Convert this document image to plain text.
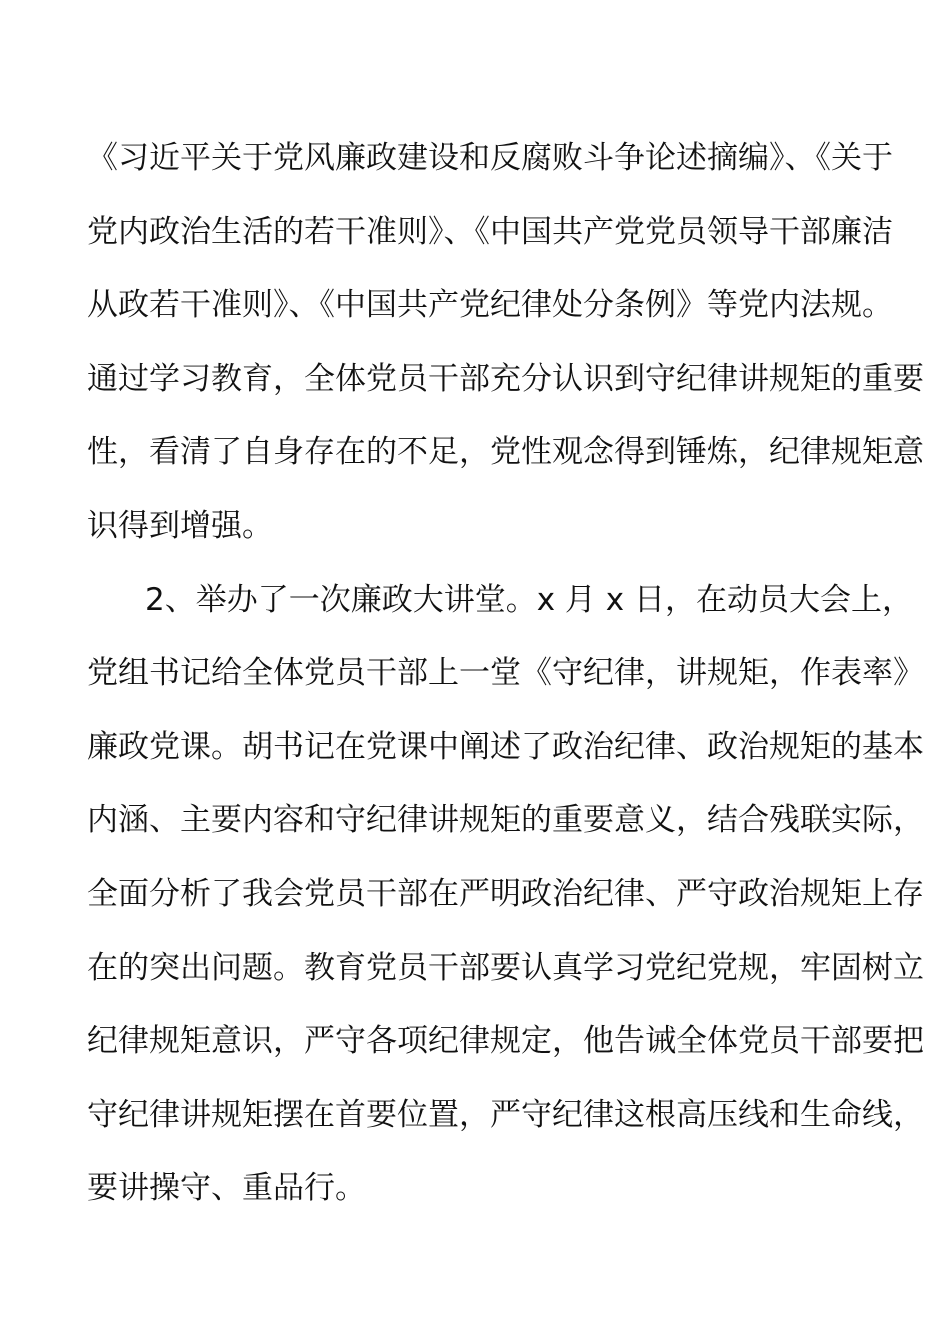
《习近平关于党风廉政建设和反腐败斗争论述摘编》、《关于
党内政治生活的若干准则》、《中国共产党党员领导干部廉洁
从政若干准则》、《中国共产党纪律处分条例》等党内法规。
通过学习教育，全体党员干部充分认识到守纪律讲规矩的重要
性，看清了自身存在的不足，党性观念得到锤炼，纪律规矩意
识得到增强。
2、举办了一次廉政大讲堂。x 月 x 日，在动员大会上，
党组书记给全体党员干部上一堂《守纪律，讲规矩，作表率》
廉政党课。胡书记在党课中阐述了政治纪律、政治规矩的基本
内涵、主要内容和守纪律讲规矩的重要意义，结合残联实际，
全面分析了我会党员干部在严明政治纪律、严守政治规矩上存
在的突出问题。教育党员干部要认真学习党纪党规，牢固树立
纪律规矩意识，严守各项纪律规定，他告诫全体党员干部要把
守纪律讲规矩摆在首要位置，严守纪律这根高压线和生命线，
要讲操守、重品行。
